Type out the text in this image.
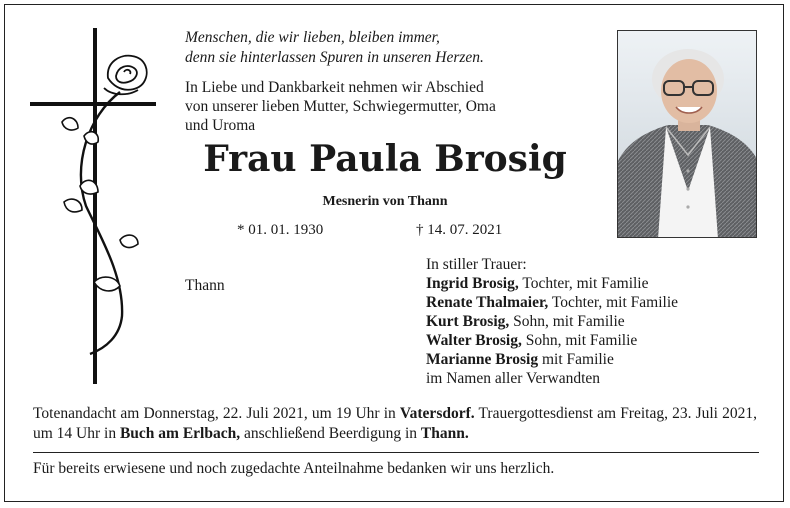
Menschen, die wir lieben, bleiben immer,
denn sie hinterlassen Spuren in unseren Herzen.
In Liebe und Dankbarkeit nehmen wir Abschied
von unserer lieben Mutter, Schwiegermutter, Oma
und Uroma
Frau Paula Brosig
Mesnerin von Thann
* 01. 01. 1930	† 14. 07. 2021
Thann
In stiller Trauer:
Ingrid Brosig, Tochter, mit Familie
Renate Thalmaier, Tochter, mit Familie
Kurt Brosig, Sohn, mit Familie
Walter Brosig, Sohn, mit Familie
Marianne Brosig mit Familie
im Namen aller Verwandten
Totenandacht am Donnerstag, 22. Juli 2021, um 19 Uhr in Vatersdorf. Trauergottesdienst am Freitag, 23. Juli 2021, um 14 Uhr in Buch am Erlbach, anschließend Beerdigung in Thann.
Für bereits erwiesene und noch zugedachte Anteilnahme bedanken wir uns herzlich.
